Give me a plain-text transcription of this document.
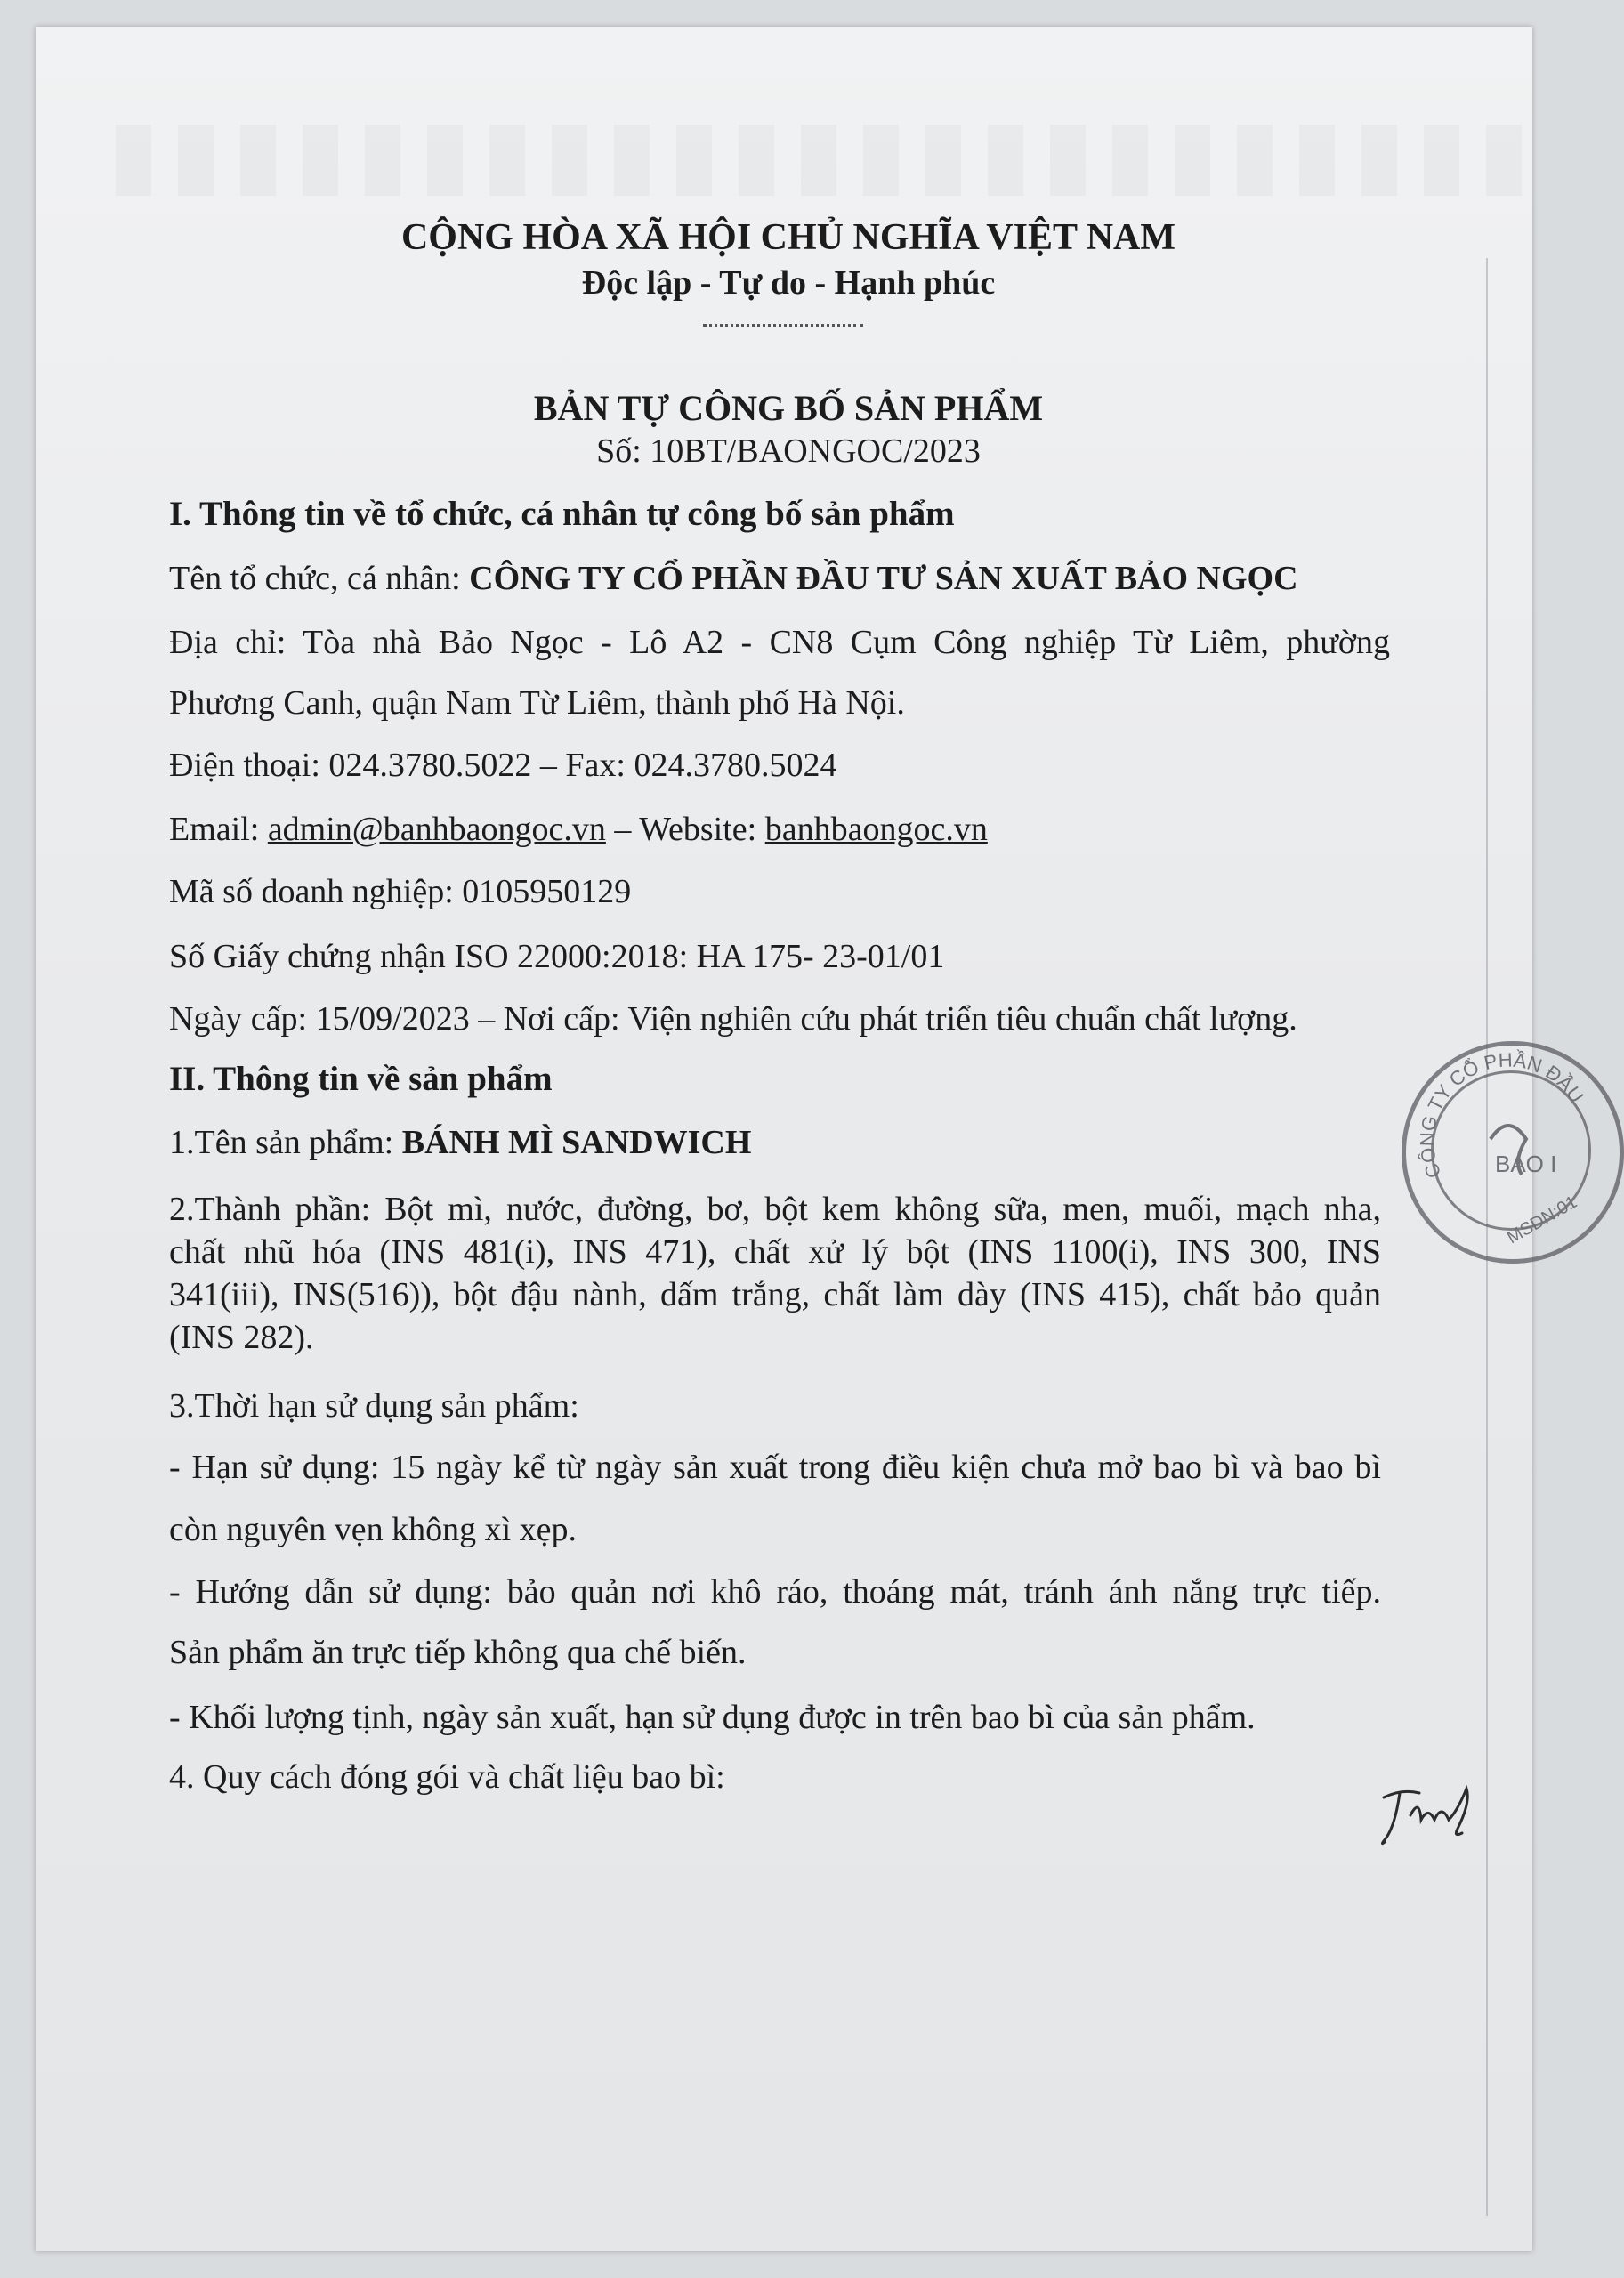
CỘNG HÒA XÃ HỘI CHỦ NGHĨA VIỆT NAM
Độc lập - Tự do - Hạnh phúc
BẢN TỰ CÔNG BỐ SẢN PHẨM
Số: 10BT/BAONGOC/2023
I. Thông tin về tổ chức, cá nhân tự công bố sản phẩm
Tên tổ chức, cá nhân: CÔNG TY CỔ PHẦN ĐẦU TƯ SẢN XUẤT BẢO NGỌC
Địa chỉ: Tòa nhà Bảo Ngọc - Lô A2 - CN8 Cụm Công nghiệp Từ Liêm, phường
Phương Canh, quận Nam Từ Liêm, thành phố Hà Nội.
Điện thoại: 024.3780.5022 – Fax: 024.3780.5024
Email: admin@banhbaongoc.vn – Website: banhbaongoc.vn
Mã số doanh nghiệp: 0105950129
Số Giấy chứng nhận ISO 22000:2018: HA 175- 23-01/01
Ngày cấp: 15/09/2023 – Nơi cấp: Viện nghiên cứu phát triển tiêu chuẩn chất lượng.
II. Thông tin về sản phẩm
1.Tên sản phẩm: BÁNH MÌ SANDWICH
2.Thành phần: Bột mì, nước, đường, bơ, bột kem không sữa, men, muối, mạch nha,
chất nhũ hóa (INS 481(i), INS 471), chất xử lý bột (INS 1100(i), INS 300, INS
341(iii), INS(516)), bột đậu nành, dấm trắng, chất làm dày (INS 415), chất bảo quản
(INS 282).
3.Thời hạn sử dụng sản phẩm:
- Hạn sử dụng: 15 ngày kể từ ngày sản xuất trong điều kiện chưa mở bao bì và bao bì
còn nguyên vẹn không xì xẹp.
- Hướng dẫn sử dụng: bảo quản nơi khô ráo, thoáng mát, tránh ánh nắng trực tiếp.
Sản phẩm ăn trực tiếp không qua chế biến.
- Khối lượng tịnh, ngày sản xuất, hạn sử dụng được in trên bao bì của sản phẩm.
4. Quy cách đóng gói và chất liệu bao bì:
CÔNG TY CỔ PHẦN ĐẦU
BAO I
MSDN:01
